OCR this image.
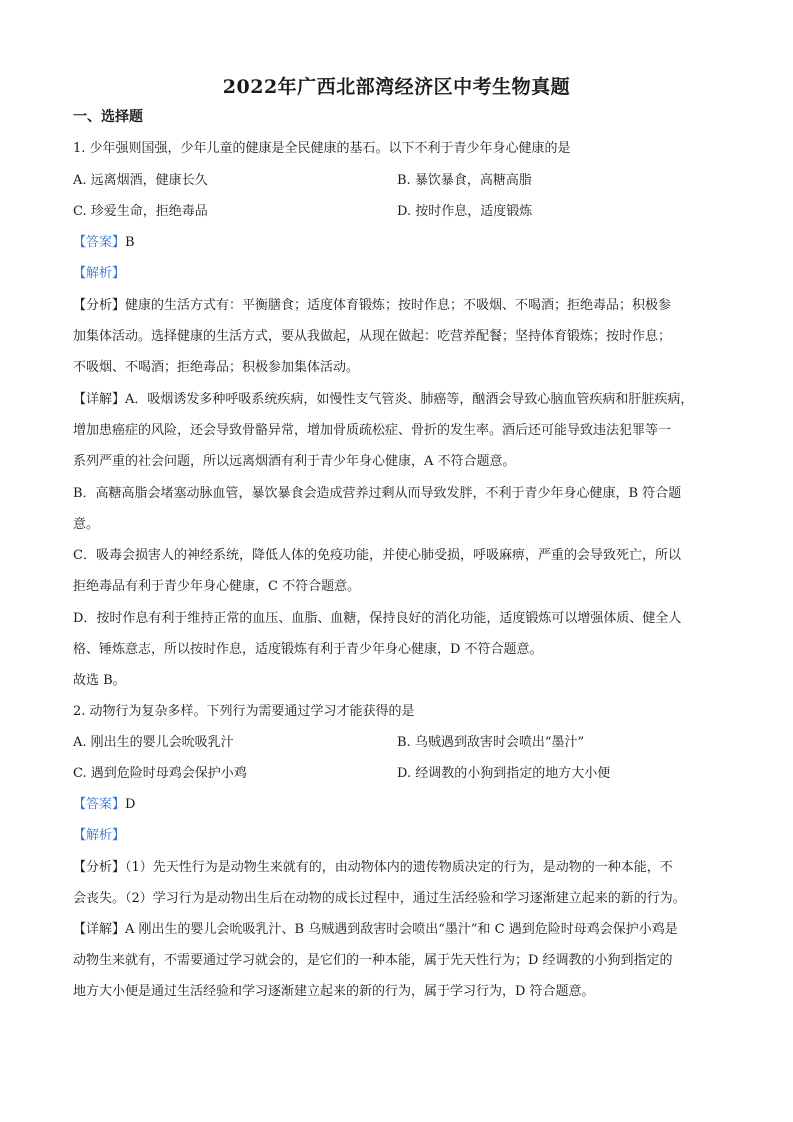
2022年广西北部湾经济区中考生物真题
一、选择题
1. 少年强则国强，少年儿童的健康是全民健康的基石。以下不利于青少年身心健康的是
A. 远离烟酒，健康长久	B. 暴饮暴食，高糖高脂
C. 珍爱生命，拒绝毒品	D. 按时作息，适度锻炼
【答案】B
【解析】
【分析】健康的生活方式有：平衡膳食；适度体育锻炼；按时作息；不吸烟、不喝酒；拒绝毒品；积极参
加集体活动。选择健康的生活方式，要从我做起，从现在做起：吃营养配餐；坚持体育锻炼；按时作息；
不吸烟、不喝酒；拒绝毒品；积极参加集体活动。
【详解】A．吸烟诱发多种呼吸系统疾病，如慢性支气管炎、肺癌等，酗酒会导致心脑血管疾病和肝脏疾病，
增加患癌症的风险，还会导致骨骼异常，增加骨质疏松症、骨折的发生率。酒后还可能导致违法犯罪等一
系列严重的社会问题，所以远离烟酒有利于青少年身心健康，A 不符合题意。
B．高糖高脂会堵塞动脉血管，暴饮暴食会造成营养过剩从而导致发胖，不利于青少年身心健康，B 符合题
意。
C．吸毒会损害人的神经系统，降低人体的免疫功能，并使心肺受损，呼吸麻痹，严重的会导致死亡，所以
拒绝毒品有利于青少年身心健康，C 不符合题意。
D．按时作息有利于维持正常的血压、血脂、血糖，保持良好的消化功能，适度锻炼可以增强体质、健全人
格、锤炼意志，所以按时作息，适度锻炼有利于青少年身心健康，D 不符合题意。
故选 B。
2. 动物行为复杂多样。下列行为需要通过学习才能获得的是
A. 刚出生的婴儿会吮吸乳汁	B. 乌贼遇到敌害时会喷出“墨汁”
C. 遇到危险时母鸡会保护小鸡	D. 经调教的小狗到指定的地方大小便
【答案】D
【解析】
【分析】（1）先天性行为是动物生来就有的，由动物体内的遗传物质决定的行为，是动物的一种本能，不
会丧失。（2）学习行为是动物出生后在动物的成长过程中，通过生活经验和学习逐渐建立起来的新的行为。
【详解】A 刚出生的婴儿会吮吸乳汁、B 乌贼遇到敌害时会喷出“墨汁”和 C 遇到危险时母鸡会保护小鸡是
动物生来就有，不需要通过学习就会的，是它们的一种本能，属于先天性行为；D 经调教的小狗到指定的
地方大小便是通过生活经验和学习逐渐建立起来的新的行为，属于学习行为，D 符合题意。
